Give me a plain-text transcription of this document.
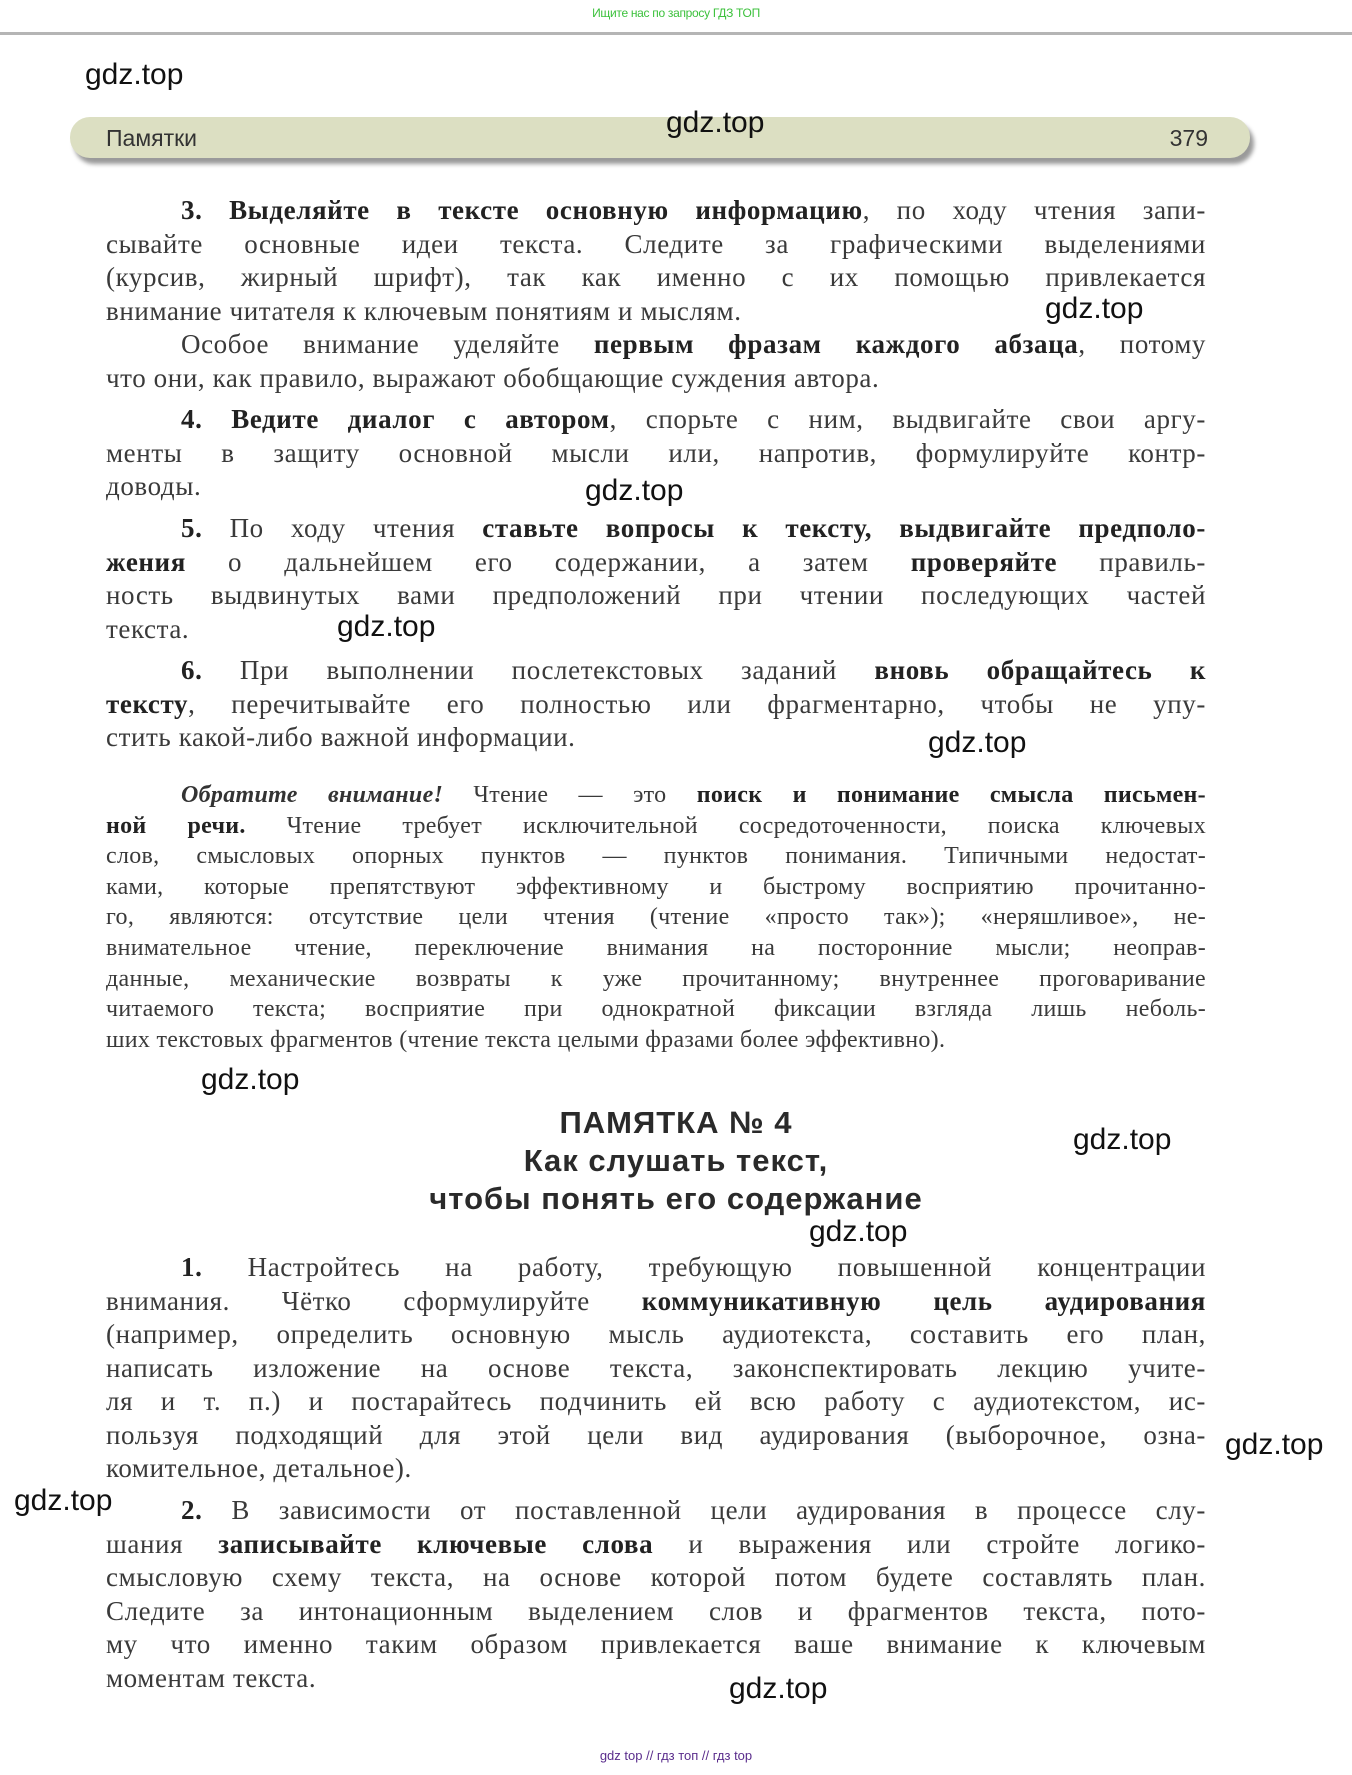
Ищите нас по запросу ГДЗ ТОП
Памятки	379
3. Выделяйте в тексте основную информацию, по ходу чтения запи-
сывайте основные идеи текста. Следите за графическими выделениями
(курсив, жирный шрифт), так как именно с их помощью привлекается
внимание читателя к ключевым понятиям и мыслям.
Особое внимание уделяйте первым фразам каждого абзаца, потому
что они, как правило, выражают обобщающие суждения автора.
4. Ведите диалог с автором, спорьте с ним, выдвигайте свои аргу-
менты в защиту основной мысли или, напротив, формулируйте контр-
доводы.
5. По ходу чтения ставьте вопросы к тексту, выдвигайте предполо-
жения о дальнейшем его содержании, а затем проверяйте правиль-
ность выдвинутых вами предположений при чтении последующих частей
текста.
6. При выполнении послетекстовых заданий вновь обращайтесь к
тексту, перечитывайте его полностью или фрагментарно, чтобы не упу-
стить какой-либо важной информации.
Обратите внимание! Чтение — это поиск и понимание смысла письмен-
ной речи. Чтение требует исключительной сосредоточенности, поиска ключевых
слов, смысловых опорных пунктов — пунктов понимания. Типичными недостат-
ками, которые препятствуют эффективному и быстрому восприятию прочитанно-
го, являются: отсутствие цели чтения (чтение «просто так»); «неряшливое», не-
внимательное чтение, переключение внимания на посторонние мысли; неоправ-
данные, механические возвраты к уже прочитанному; внутреннее проговаривание
читаемого текста; восприятие при однократной фиксации взгляда лишь неболь-
ших текстовых фрагментов (чтение текста целыми фразами более эффективно).
1. Настройтесь на работу, требующую повышенной концентрации
внимания. Чётко сформулируйте коммуникативную цель аудирования
(например, определить основную мысль аудиотекста, составить его план,
написать изложение на основе текста, законспектировать лекцию учите-
ля и т. п.) и постарайтесь подчинить ей всю работу с аудиотекстом, ис-
пользуя подходящий для этой цели вид аудирования (выборочное, озна-
комительное, детальное).
2. В зависимости от поставленной цели аудирования в процессе слу-
шания записывайте ключевые слова и выражения или стройте логико-
смысловую схему текста, на основе которой потом будете составлять план.
Следите за интонационным выделением слов и фрагментов текста, пото-
му что именно таким образом привлекается ваше внимание к ключевым
моментам текста.
ПАМЯТКА № 4
Как слушать текст,
чтобы понять его содержание
gdz.top
gdz.top
gdz.top
gdz.top
gdz.top
gdz.top
gdz.top
gdz.top
gdz.top
gdz.top
gdz.top
gdz.top
gdz top // гдз топ // гдз top
